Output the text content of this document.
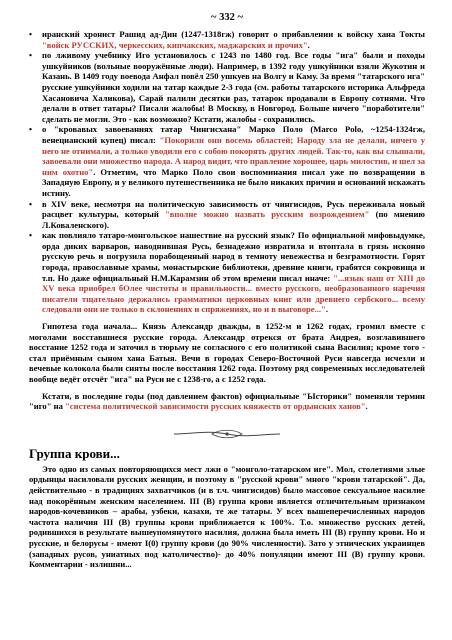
~ 332 ~
• иранский хронист Рашид ад-Дин (1247-1318гж) говорит о прибавлении к войску хана Токты "войск РУССКИХ, черкесских, кипчакских, маджарских и прочих".
• по лживому учебнику Иго установилось с 1243 по 1480 год. Все годы "ига" были и походы ушкуйников (вольные вооружённые люди). Например, в 1392 году ушкуйники взяли Жукотин и Казань. В 1409 году воевода Анфал повёл 250 ушкуев на Волгу и Каму. За время "татарского ига" русские ушкуйники ходили на татар каждые 2-3 года (см. работы татарского историка Альфреда Хасановича Халикова), Сарай палили десятки раз, татарок продавали в Европу сотнями. Что делали в ответ татары? Писали жалобы! В Москву, в Новгород. Больше ничего "поработители" сделать не могли. Это - как возможно? Кстати, жалобы - сохранились.
• о "кровавых завоеваниях татар Чингисхана" Марко Поло (Marco Polo, ~1254-1324гж, венецианский купец) писал: "Покорили они восемь областей; Народу зла не делали, ничего у него не отнимали, а только уводили его с собою покорять других людей. Так-то, как вы слышали, завоевали они множество народа. А народ видит, что правление хорошее, царь милостив, и шел за ним охотно". Отметим, что Марко Поло свои воспоминания писал уже по возвращении в Западную Европу, и у великого путешественника не было никаких причин и оснований искажать истину.
• в XIV веке, несмотря на политическую зависимость от чингисидов, Русь переживала новый расцвет культуры, который "вполне можно назвать русским возрождением" (по мнению Л.Коваленского).
• как повлияло татаро-монгольское нашествие на русский язык? По официальной мифовыдумке, орда диких варваров, наводнившая Русь, безнадежно извратила и втоптала в грязь исконно русскую речь и погрузила порабощенный народ в темноту невежества и безграмотности. Горят города, православные храмы, монастырские библиотеки, древние книги, грабятся сокровища и т.п. Но даже официальный Н.М.Карамзин об этом времени писал иначе: "...язык наш от XIII до XV века приобрел бОлее чистоты и правильности... вместо русского, необразованного наречия писатели тщательно держались грамматики церковных книг или древнего сербского... всему следовали они не только в склонениях и спряжениях, но и в выговоре...".

Гипотеза года начала... Князь Александр дважды, в 1252-м и 1262 годах, громил вместе с моголами восставшиеся русские города. Александр отрекся от брата Андрея, возглавившего восстание 1252 года и заточил в тюрьму не согласного с его политикой сына Василия; кроме того - стал приёмным сыном хана Батыя. Вечи в городах Северо-Восточной Руси навсегда исчезли и вечевые колокола были сняты после восстания 1262 года. Поэтому ряд современных исследователей вообще ведёт отсчёт "ига" на Руси не с 1238-го, а с 1252 года.

Кстати, в последние годы (под давлением фактов) официальные "Ысторики" поменяли термин "иго" на "система политической зависимости русских княжеств от ордынских ханов".

Группа крови...

Это одно из самых повторяющихся мест лжи о "монголо-татарском иге". Мол, столетиями злые ордынцы насиловали русских женщин, и поэтому в "русской крови" много "крови татарской". Да, действительно - в традициях захватчиков (и в т.ч. чингисидов) было массовое сексуальное насилие над покорённым женским населением. III (B) группа крови является отличительным признаком народов-кочевников – арабы, узбеки, казахи, те же татары. У всех вышеперечисленных народов частота наличия III (B) группы крови приближается к 100%. Т.о. множество русских детей, родившихся в результате вышеупомянутого насилия, должна была иметь III (B) группу крови. Но и русские, и белорусы - имеют I(0) группу крови (до 90% численности). Зато у этнических украинцев (западных русов, униатных под католичество)- до 40% популяции имеют III (B) группу крови. Комментарии - излишни...
